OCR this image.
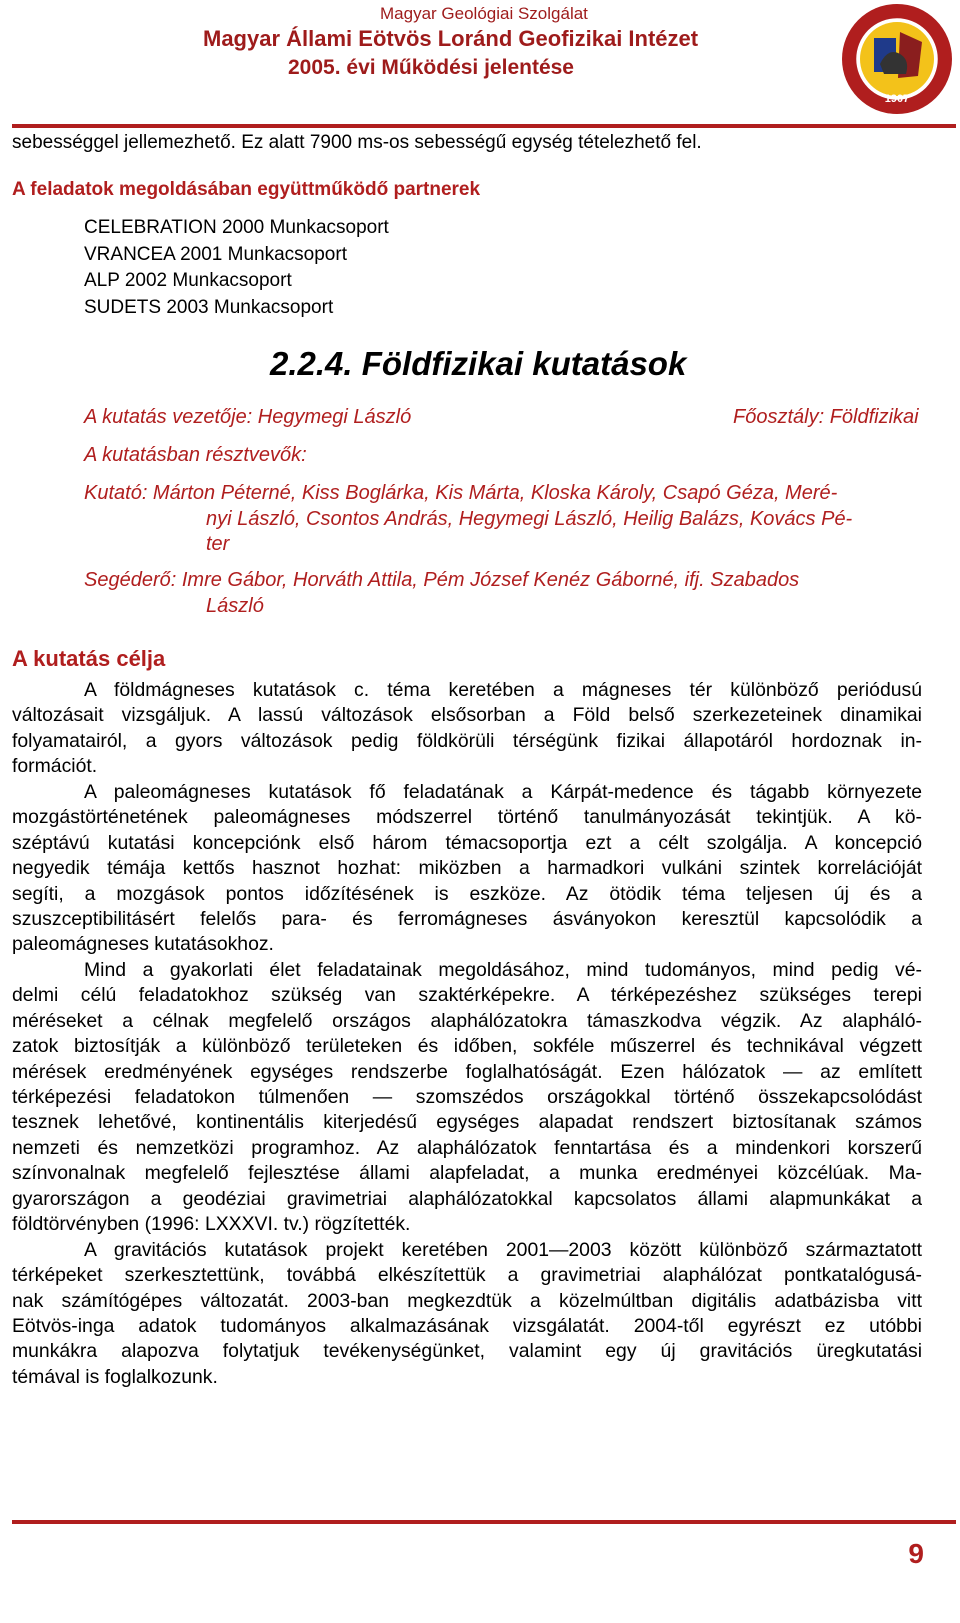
Magyar Geológiai Szolgálat
Magyar Állami Eötvös Loránd Geofizikai Intézet
2005. évi Működési jelentése
1907
sebességgel jellemezhető. Ez alatt 7900 ms-os sebességű egység tételezhető fel.
A feladatok megoldásában együttműködő partnerek
CELEBRATION 2000 Munkacsoport
VRANCEA 2001 Munkacsoport
ALP 2002 Munkacsoport
SUDETS 2003 Munkacsoport
2.2.4. Földfizikai kutatások
A kutatás vezetője: Hegymegi László	Főosztály: Földfizikai
A kutatásban résztvevők:
Kutató: Márton Péterné, Kiss Boglárka, Kis Márta, Kloska Károly, Csapó Géza, Meré-
nyi László, Csontos András, Hegymegi László, Heilig Balázs, Kovács Pé-
ter
Segéderő: Imre Gábor, Horváth Attila, Pém József Kenéz Gáborné, ifj. Szabados
László
A kutatás célja
A földmágneses kutatások c. téma keretében a mágneses tér különböző periódusú
változásait vizsgáljuk. A lassú változások elsősorban a Föld belső szerkezeteinek dinamikai
folyamatairól, a gyors változások pedig földkörüli térségünk fizikai állapotáról hordoznak in-
formációt.
A paleomágneses kutatások fő feladatának a Kárpát-medence és tágabb környezete
mozgástörténetének paleomágneses módszerrel történő tanulmányozását tekintjük. A kö-
széptávú kutatási koncepciónk első három témacsoportja ezt a célt szolgálja. A koncepció
negyedik témája kettős hasznot hozhat: miközben a harmadkori vulkáni szintek korrelációját
segíti, a mozgások pontos időzítésének is eszköze. Az ötödik téma teljesen új és a
szuszceptibilitásért felelős para- és ferromágneses ásványokon keresztül kapcsolódik a
paleomágneses kutatásokhoz.
Mind a gyakorlati élet feladatainak megoldásához, mind tudományos, mind pedig vé-
delmi célú feladatokhoz szükség van szaktérképekre. A térképezéshez szükséges terepi
méréseket a célnak megfelelő országos alaphálózatokra támaszkodva végzik. Az alapháló-
zatok biztosítják a különböző területeken és időben, sokféle műszerrel és technikával végzett
mérések eredményének egységes rendszerbe foglalhatóságát. Ezen hálózatok — az említett
térképezési feladatokon túlmenően — szomszédos országokkal történő összekapcsolódást
tesznek lehetővé, kontinentális kiterjedésű egységes alapadat rendszert biztosítanak számos
nemzeti és nemzetközi programhoz. Az alaphálózatok fenntartása és a mindenkori korszerű
színvonalnak megfelelő fejlesztése állami alapfeladat, a munka eredményei közcélúak. Ma-
gyarországon a geodéziai gravimetriai alaphálózatokkal kapcsolatos állami alapmunkákat a
földtörvényben (1996: LXXXVI. tv.) rögzítették.
A gravitációs kutatások projekt keretében 2001—2003 között különböző származtatott
térképeket szerkesztettünk, továbbá elkészítettük a gravimetriai alaphálózat pontkatalógusá-
nak számítógépes változatát. 2003-ban megkezdtük a közelmúltban digitális adatbázisba vitt
Eötvös-inga adatok tudományos alkalmazásának vizsgálatát. 2004-től egyrészt ez utóbbi
munkákra alapozva folytatjuk tevékenységünket, valamint egy új gravitációs üregkutatási
témával is foglalkozunk.
9
